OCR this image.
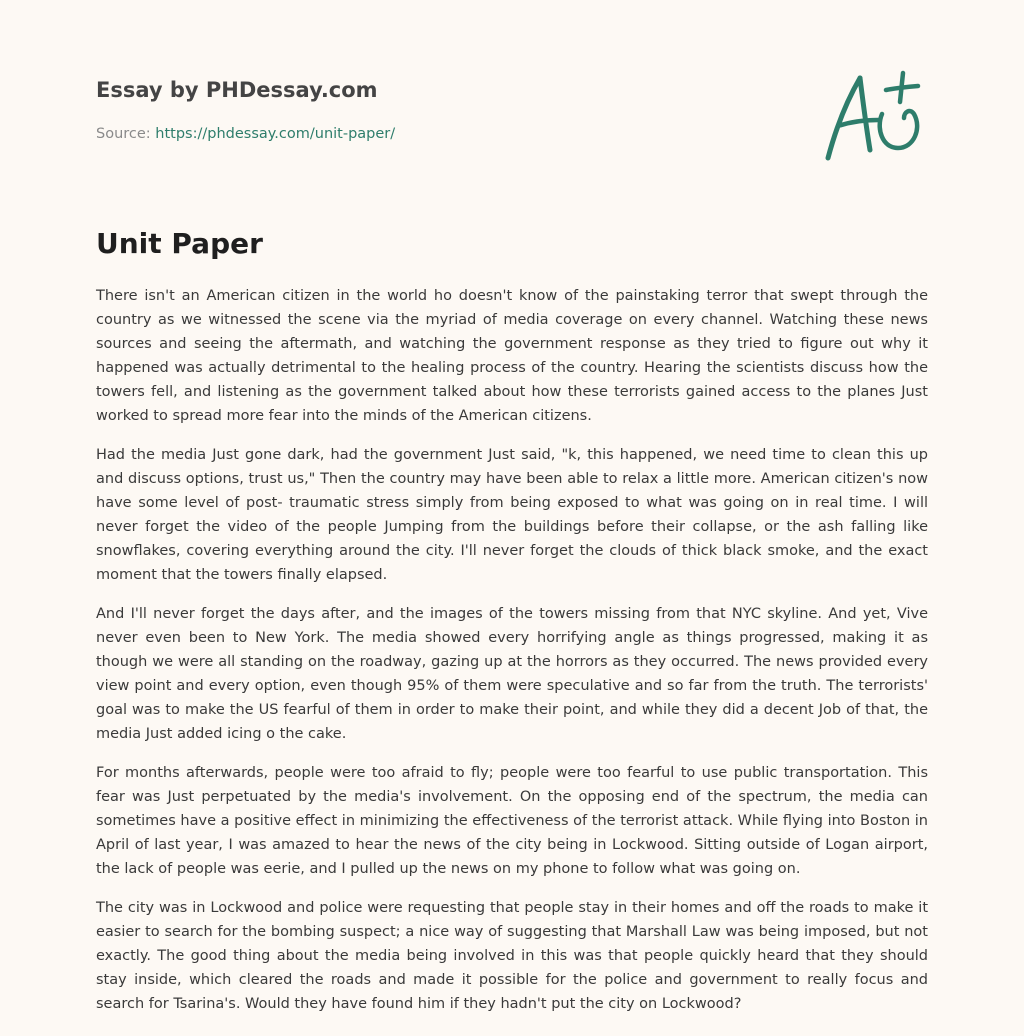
Essay by PHDessay.com
Source: https://phdessay.com/unit-paper/
Unit Paper

There isn't an American citizen in the world ho doesn't know of the painstaking terror that swept through the country as we witnessed the scene via the myriad of media coverage on every channel. Watching these news sources and seeing the aftermath, and watching the government response as they tried to figure out why it happened was actually detrimental to the healing process of the country. Hearing the scientists discuss how the towers fell, and listening as the government talked about how these terrorists gained access to the planes Just worked to spread more fear into the minds of the American citizens.

Had the media Just gone dark, had the government Just said, "k, this happened, we need time to clean this up and discuss options, trust us," Then the country may have been able to relax a little more. American citizen's now have some level of post- traumatic stress simply from being exposed to what was going on in real time. I will never forget the video of the people Jumping from the buildings before their collapse, or the ash falling like snowflakes, covering everything around the city. I'll never forget the clouds of thick black smoke, and the exact moment that the towers finally elapsed.

And I'll never forget the days after, and the images of the towers missing from that NYC skyline. And yet, Vive never even been to New York. The media showed every horrifying angle as things progressed, making it as though we were all standing on the roadway, gazing up at the horrors as they occurred. The news provided every view point and every option, even though 95% of them were speculative and so far from the truth. The terrorists' goal was to make the US fearful of them in order to make their point, and while they did a decent Job of that, the media Just added icing o the cake.

For months afterwards, people were too afraid to fly; people were too fearful to use public transportation. This fear was Just perpetuated by the media's involvement. On the opposing end of the spectrum, the media can sometimes have a positive effect in minimizing the effectiveness of the terrorist attack. While flying into Boston in April of last year, I was amazed to hear the news of the city being in Lockwood. Sitting outside of Logan airport, the lack of people was eerie, and I pulled up the news on my phone to follow what was going on.

The city was in Lockwood and police were requesting that people stay in their homes and off the roads to make it easier to search for the bombing suspect; a nice way of suggesting that Marshall Law was being imposed, but not exactly. The good thing about the media being involved in this was that people quickly heard that they should stay inside, which cleared the roads and made it possible for the police and government to really focus and search for Tsarina's. Would they have found him if they hadn't put the city on Lockwood?
